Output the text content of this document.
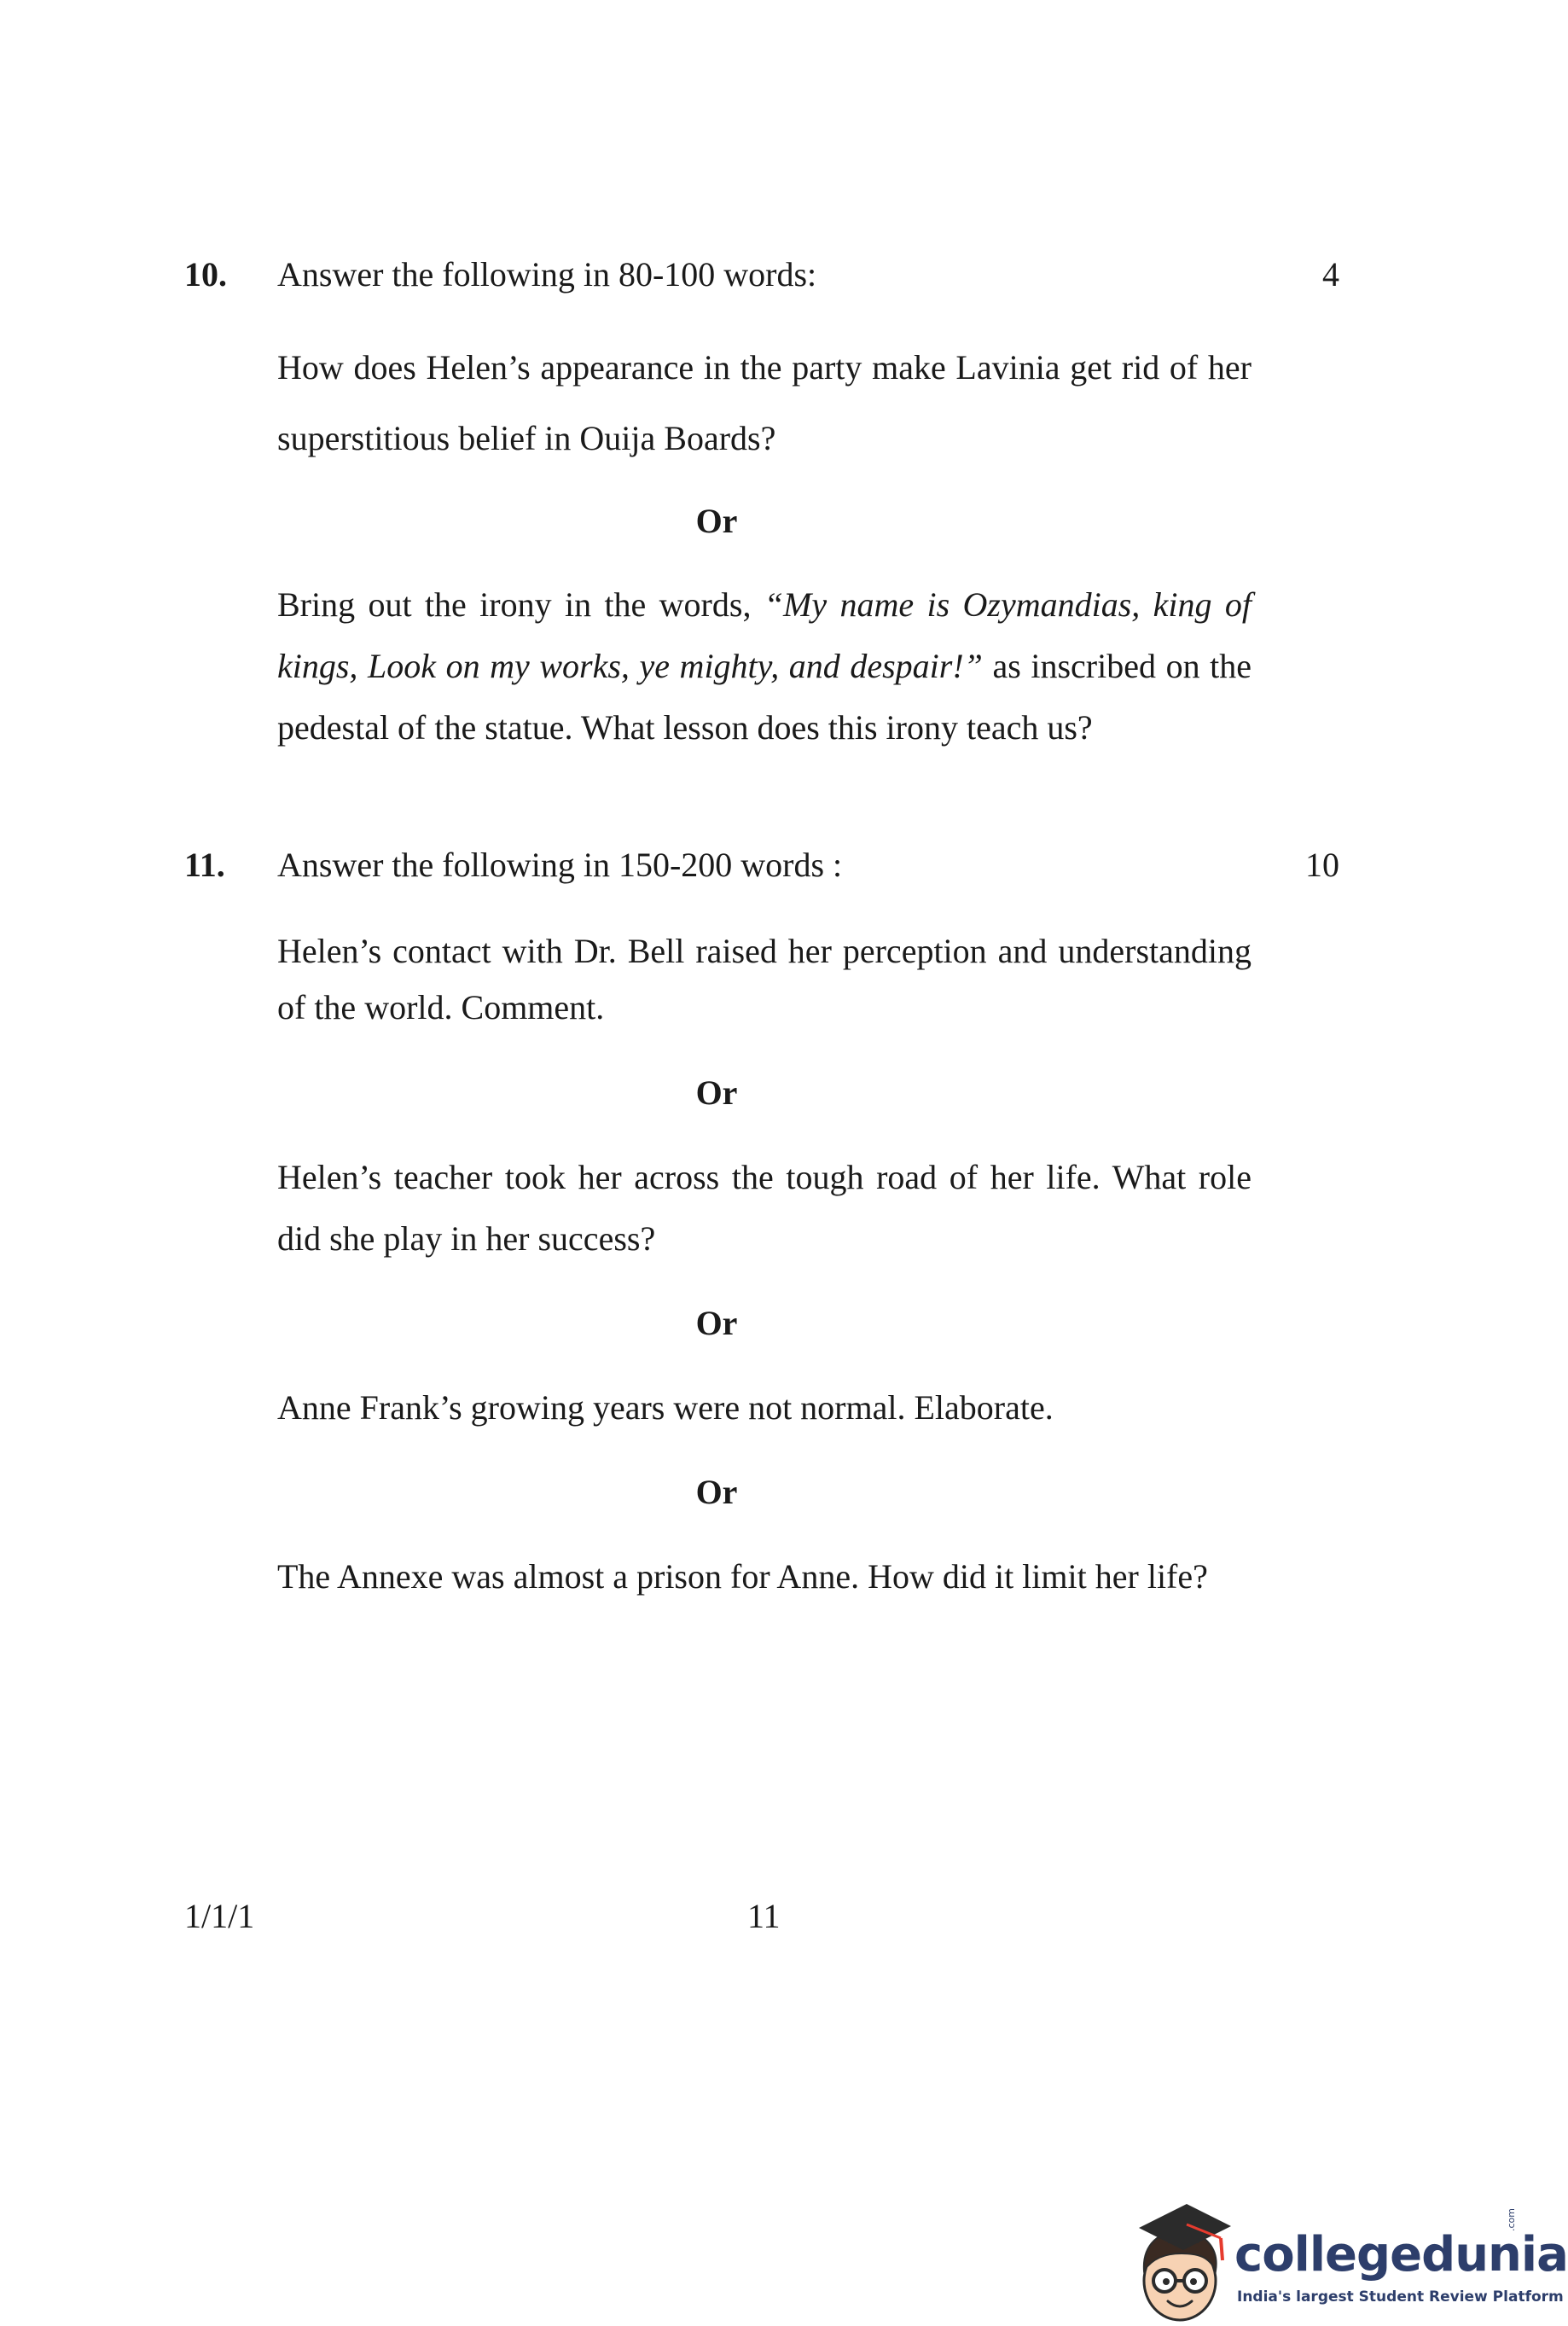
10. Answer the following in 80-100 words:	4
How does Helen’s appearance in the party make Lavinia get rid of her superstitious belief in Ouija Boards?
Or
Bring out the irony in the words, “My name is Ozymandias, king of kings, Look on my works, ye mighty, and despair!” as inscribed on the pedestal of the statue. What lesson does this irony teach us?
11. Answer the following in 150-200 words :	10
Helen’s contact with Dr. Bell raised her perception and understanding of the world. Comment.
Or
Helen’s teacher took her across the tough road of her life. What role did she play in her success?
Or
Anne Frank’s growing years were not normal. Elaborate.
Or
The Annexe was almost a prison for Anne. How did it limit her life?
1/1/1	11
collegedunia
.com
India's largest Student Review Platform
